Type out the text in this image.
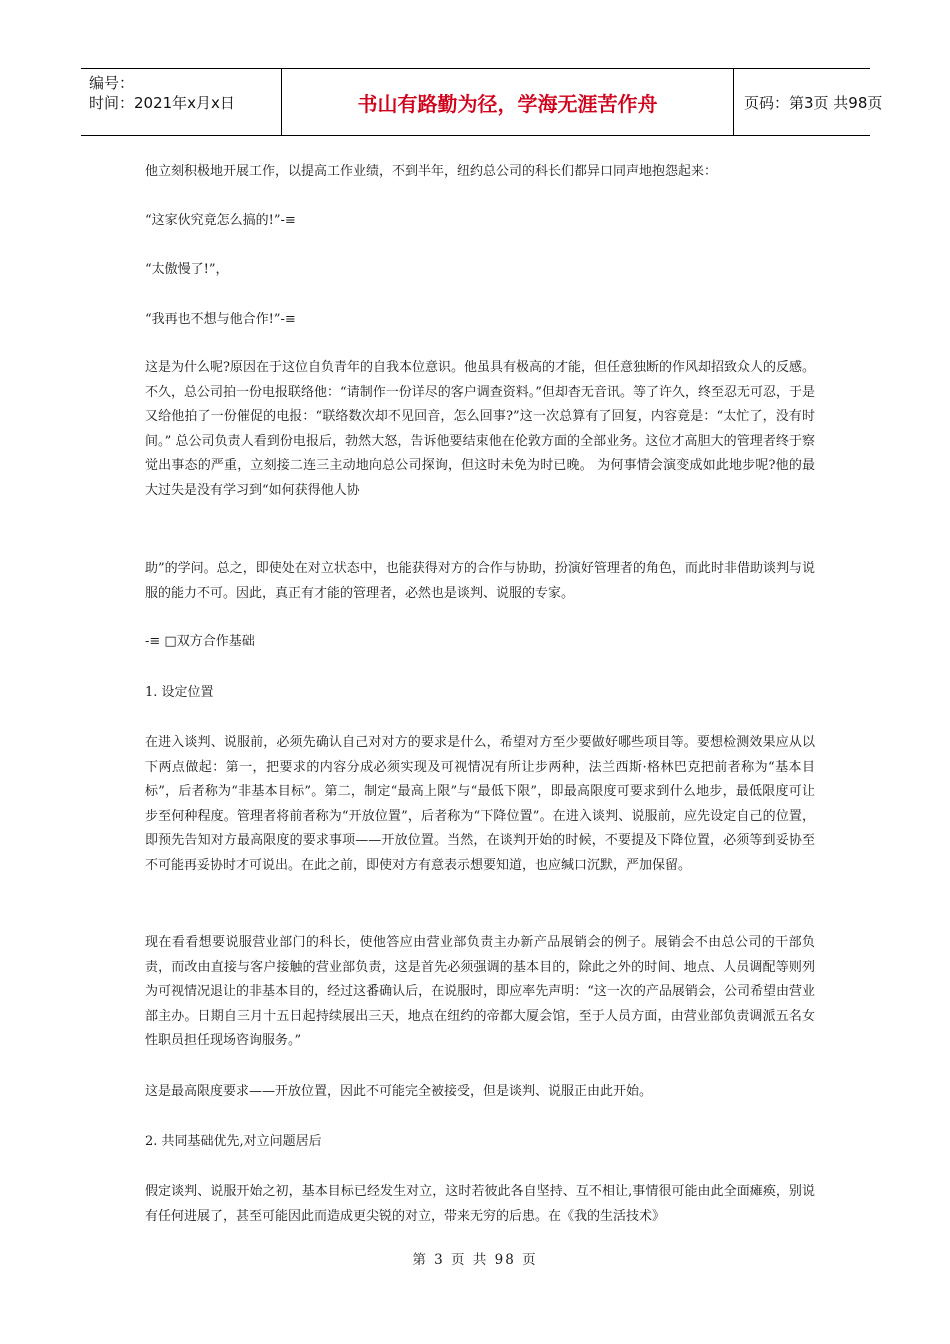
编号：
时间：2021年x月x日	书山有路勤为径，学海无涯苦作舟	页码：第3页 共98页

他立刻积极地开展工作，以提高工作业绩，不到半年，纽约总公司的科长们都异口同声地抱怨起来：

“这家伙究竟怎么搞的!”-≡

“太傲慢了!”，

“我再也不想与他合作!”-≡

这是为什么呢?原因在于这位自负青年的自我本位意识。他虽具有极高的才能，但任意独断的作风却招致众人的反感。不久，总公司拍一份电报联络他：“请制作一份详尽的客户调查资料。”但却杳无音讯。等了许久，终至忍无可忍，于是又给他拍了一份催促的电报：“联络数次却不见回音，怎么回事?”这一次总算有了回复，内容竟是：“太忙了，没有时间。” 总公司负责人看到份电报后，勃然大怒，告诉他要结束他在伦敦方面的全部业务。这位才高胆大的管理者终于察觉出事态的严重，立刻接二连三主动地向总公司探询，但这时未免为时已晚。 为何事情会演变成如此地步呢?他的最大过失是没有学习到“如何获得他人协

助”的学问。总之，即使处在对立状态中，也能获得对方的合作与协助，扮演好管理者的角色，而此时非借助谈判与说服的能力不可。因此，真正有才能的管理者，必然也是谈判、说服的专家。

-≡ □双方合作基础

1. 设定位置

在进入谈判、说服前，必须先确认自己对对方的要求是什么，希望对方至少要做好哪些项目等。要想检测效果应从以下两点做起：第一，把要求的内容分成必须实现及可视情况有所让步两种，法兰西斯·格林巴克把前者称为“基本目标”，后者称为“非基本目标”。第二，制定“最高上限”与“最低下限”，即最高限度可要求到什么地步，最低限度可让步至何种程度。管理者将前者称为“开放位置”，后者称为“下降位置”。在进入谈判、说服前，应先设定自己的位置，即预先告知对方最高限度的要求事项——开放位置。当然，在谈判开始的时候，不要提及下降位置，必须等到妥协至不可能再妥协时才可说出。在此之前，即使对方有意表示想要知道，也应缄口沉默，严加保留。

现在看看想要说服营业部门的科长，使他答应由营业部负责主办新产品展销会的例子。展销会不由总公司的干部负责，而改由直接与客户接触的营业部负责，这是首先必须强调的基本目的，除此之外的时间、地点、人员调配等则列为可视情况退让的非基本目的，经过这番确认后，在说服时，即应率先声明：“这一次的产品展销会，公司希望由营业部主办。日期自三月十五日起持续展出三天，地点在纽约的帝都大厦会馆，至于人员方面，由营业部负责调派五名女性职员担任现场咨询服务。”

这是最高限度要求——开放位置，因此不可能完全被接受，但是谈判、说服正由此开始。

2. 共同基础优先,对立问题居后

假定谈判、说服开始之初，基本目标已经发生对立，这时若彼此各自坚持、互不相让,事情很可能由此全面瘫痪，别说有任何进展了，甚至可能因此而造成更尖锐的对立，带来无穷的后患。在《我的生活技术》

第 3 页 共 98 页
